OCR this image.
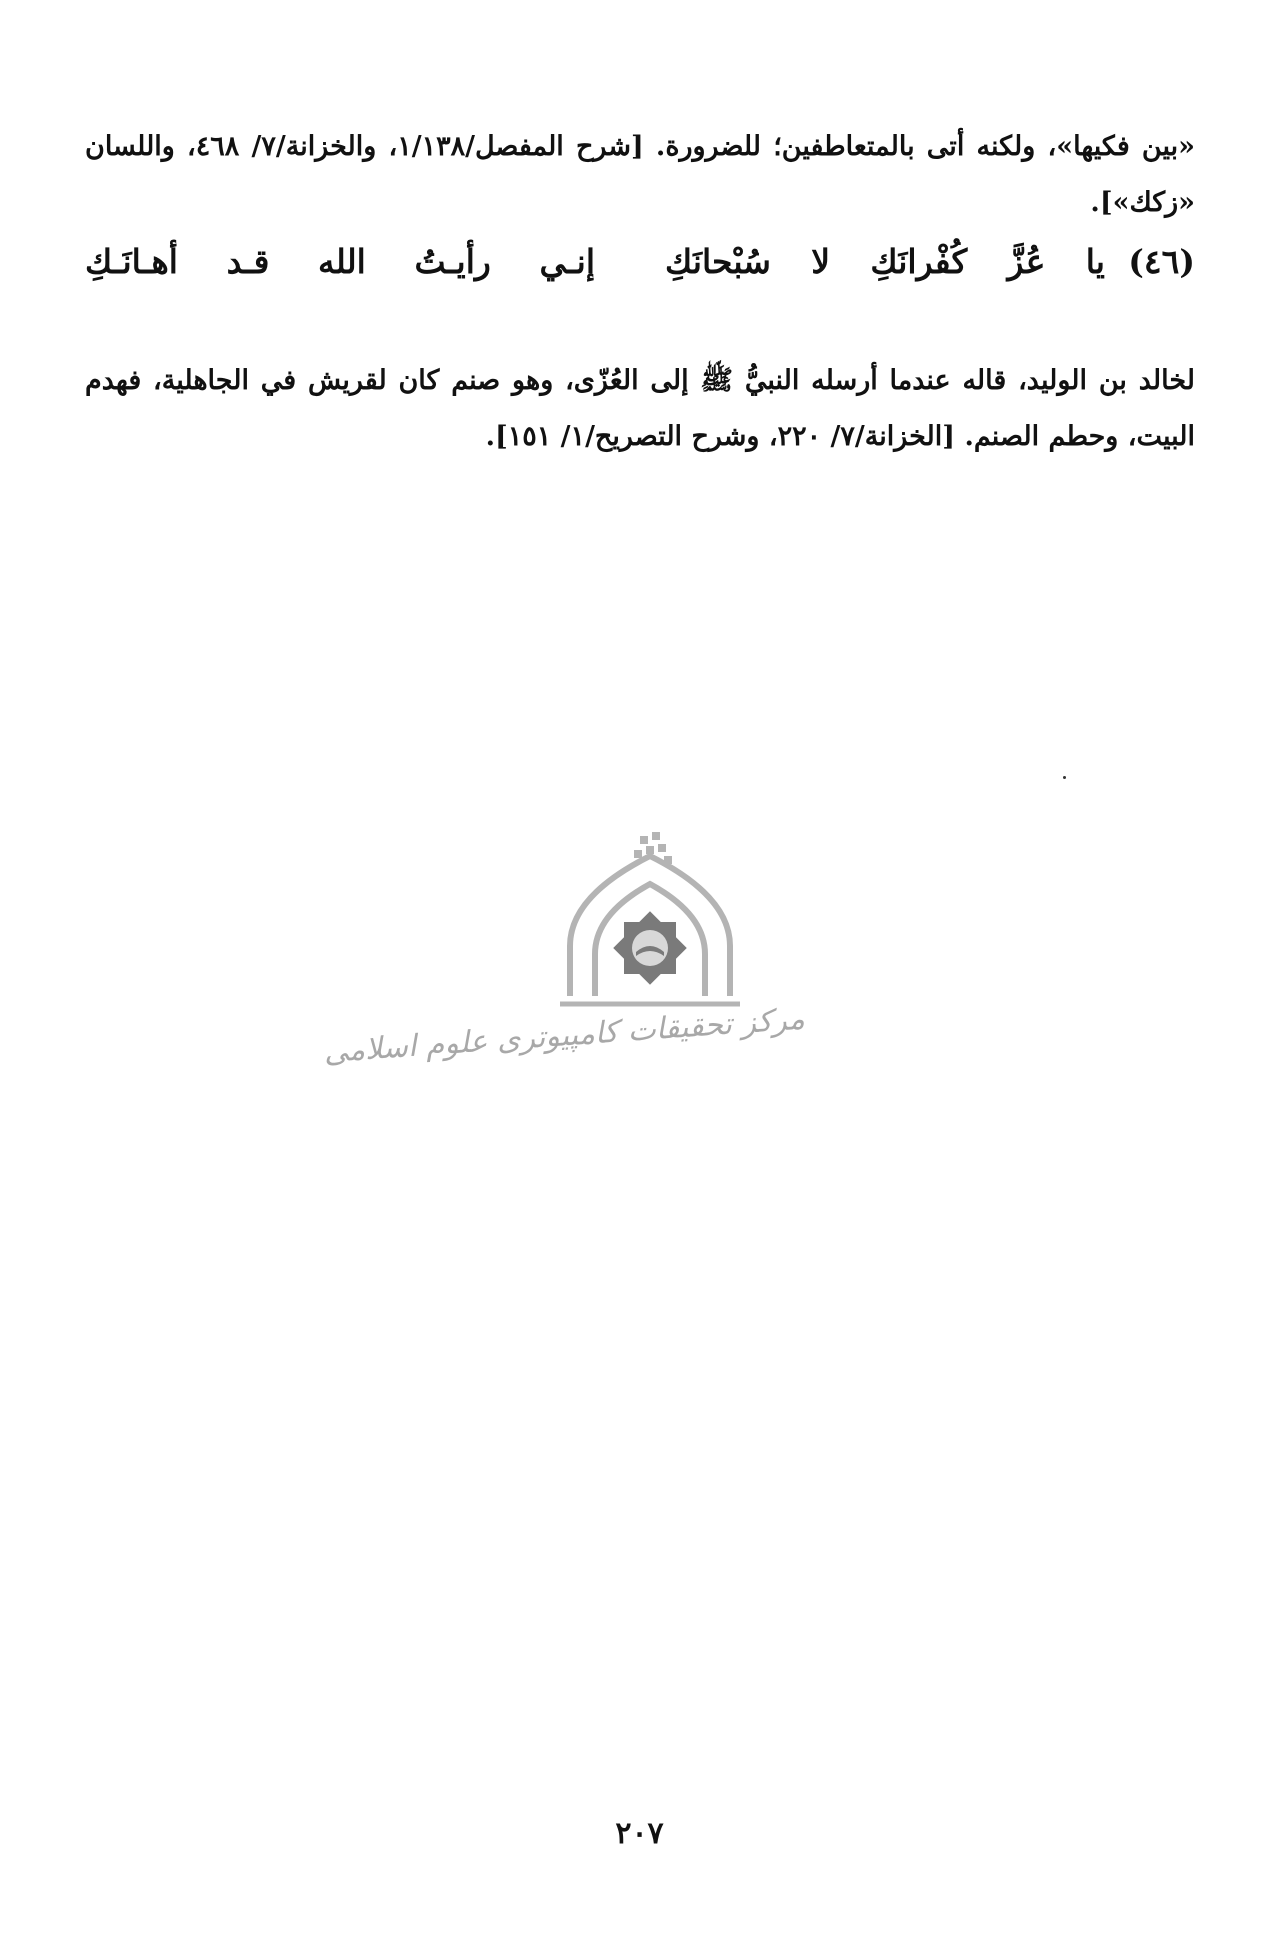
«بين فكيها»، ولكنه أتى بالمتعاطفين؛ للضرورة. [شرح المفصل/١/١٣٨، والخزانة/٧/ ٤٦٨، واللسان «زكك»].

(٤٦)
يا عُزَّ كُفْرانَكِ لا سُبْحانَكِ
إنـي رأيـتُ الله قـد أهـانَـكِ

لخالد بن الوليد، قاله عندما أرسله النبيُّ ﷺ إلى العُزّى، وهو صنم كان لقريش في الجاهلية، فهدم البيت، وحطم الصنم. [الخزانة/٧/ ٢٢٠، وشرح التصريح/١/ ١٥١].

مرکز تحقیقات کامپیوتری علوم اسلامی
٢٠٧
